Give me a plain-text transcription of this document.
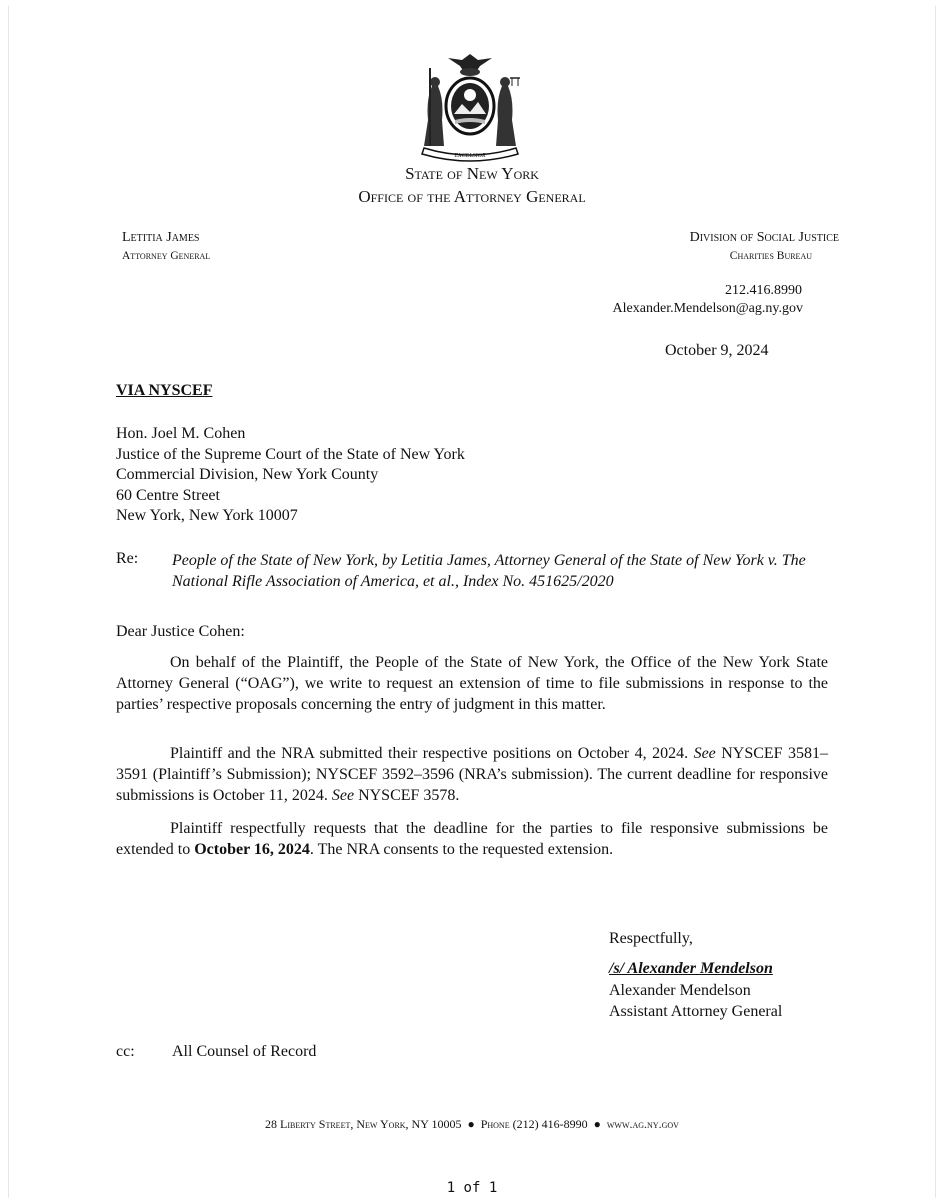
EXCELSIOR
State of New York
Office of the Attorney General
Letitia James
Attorney General
Division of Social Justice
Charities Bureau
212.416.8990
Alexander.Mendelson@ag.ny.gov
October 9, 2024
VIA NYSCEF
Hon. Joel M. Cohen
Justice of the Supreme Court of the State of New York
Commercial Division, New York County
60 Centre Street
New York, New York 10007
Re: People of the State of New York, by Letitia James, Attorney General of the State of New York v. The National Rifle Association of America, et al., Index No. 451625/2020
Dear Justice Cohen:
On behalf of the Plaintiff, the People of the State of New York, the Office of the New York State Attorney General (“OAG”), we write to request an extension of time to file submissions in response to the parties’ respective proposals concerning the entry of judgment in this matter.
Plaintiff and the NRA submitted their respective positions on October 4, 2024. See NYSCEF 3581–3591 (Plaintiff’s Submission); NYSCEF 3592–3596 (NRA’s submission). The current deadline for responsive submissions is October 11, 2024. See NYSCEF 3578.
Plaintiff respectfully requests that the deadline for the parties to file responsive submissions be extended to October 16, 2024. The NRA consents to the requested extension.
Respectfully,
/s/ Alexander Mendelson
Alexander Mendelson
Assistant Attorney General
cc: All Counsel of Record
28 Liberty Street, New York, NY 10005 ● Phone (212) 416-8990 ● www.ag.ny.gov
1 of 1
